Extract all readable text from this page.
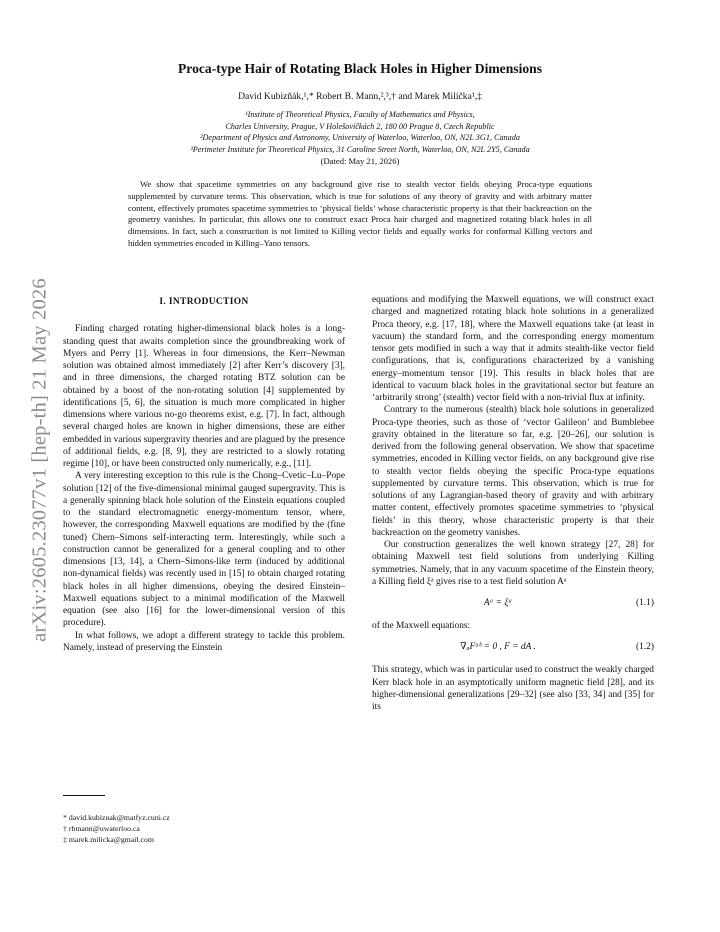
arXiv:2605.23077v1 [hep-th] 21 May 2026
Proca-type Hair of Rotating Black Holes in Higher Dimensions
David Kubizňák,¹,* Robert B. Mann,²,³,† and Marek Milička¹,‡
¹Institute of Theoretical Physics, Faculty of Mathematics and Physics,
Charles University, Prague, V Holešovičkách 2, 180 00 Prague 8, Czech Republic
²Department of Physics and Astronomy, University of Waterloo, Waterloo, ON, N2L 3G1, Canada
³Perimeter Institute for Theoretical Physics, 31 Caroline Street North, Waterloo, ON, N2L 2Y5, Canada
(Dated: May 21, 2026)

We show that spacetime symmetries on any background give rise to stealth vector fields obeying Proca-type equations supplemented by curvature terms. This observation, which is true for solutions of any theory of gravity and with arbitrary matter content, effectively promotes spacetime symmetries to ‘physical fields’ whose characteristic property is that their backreaction on the geometry vanishes. In particular, this allows one to construct exact Proca hair charged and magnetized rotating black holes in all dimensions. In fact, such a construction is not limited to Killing vector fields and equally works for conformal Killing vectors and hidden symmetries encoded in Killing–Yano tensors.

I. INTRODUCTION

Finding charged rotating higher-dimensional black holes is a long-standing quest that awaits completion since the groundbreaking work of Myers and Perry [1]. Whereas in four dimensions, the Kerr–Newman solution was obtained almost immediately [2] after Kerr’s discovery [3], and in three dimensions, the charged rotating BTZ solution can be obtained by a boost of the non-rotating solution [4] supplemented by identifications [5, 6], the situation is much more complicated in higher dimensions where various no-go theorems exist, e.g. [7]. In fact, although several charged holes are known in higher dimensions, these are either embedded in various supergravity theories and are plagued by the presence of additional fields, e.g. [8, 9], they are restricted to a slowly rotating regime [10], or have been constructed only numerically, e.g., [11].

A very interesting exception to this rule is the Chong–Cvetic–Lu–Pope solution [12] of the five-dimensional minimal gauged supergravity. This is a generally spinning black hole solution of the Einstein equations coupled to the standard electromagnetic energy-momentum tensor, where, however, the corresponding Maxwell equations are modified by the (fine tuned) Chern–Simons self-interacting term. Interestingly, while such a construction cannot be generalized for a general coupling and to other dimensions [13, 14], a Chern–Simons-like term (induced by additional non-dynamical fields) was recently used in [15] to obtain charged rotating black holes in all higher dimensions, obeying the desired Einstein–Maxwell equations subject to a minimal modification of the Maxwell equation (see also [16] for the lower-dimensional version of this procedure).

In what follows, we adopt a different strategy to tackle this problem. Namely, instead of preserving the Einstein

equations and modifying the Maxwell equations, we will construct exact charged and magnetized rotating black hole solutions in a generalized Proca theory, e.g. [17, 18], where the Maxwell equations take (at least in vacuum) the standard form, and the corresponding energy momentum tensor gets modified in such a way that it admits stealth-like vector field configurations, that is, configurations characterized by a vanishing energy–momentum tensor [19]. This results in black holes that are identical to vacuum black holes in the gravitational sector but feature an ‘arbitrarily strong’ (stealth) vector field with a non-trivial flux at infinity.

Contrary to the numerous (stealth) black hole solutions in generalized Proca-type theories, such as those of ‘vector Galileon’ and Bumblebee gravity obtained in the literature so far, e.g. [20–26], our solution is derived from the following general observation. We show that spacetime symmetries, encoded in Killing vector fields, on any background give rise to stealth vector fields obeying the specific Proca-type equations supplemented by curvature terms. This observation, which is true for solutions of any Lagrangian-based theory of gravity and with arbitrary matter content, effectively promotes spacetime symmetries to ‘physical fields’ in this theory, whose characteristic property is that their backreaction on the geometry vanishes.

Our construction generalizes the well known strategy [27, 28] for obtaining Maxwell test field solutions from underlying Killing symmetries. Namely, that in any vacuum spacetime of the Einstein theory, a Killing field ξᵃ gives rise to a test field solution Aᵃ

Aᵃ = ξᵃ	(1.1)

of the Maxwell equations:

∇ₐFᵃᵇ = 0 , F = dA .	(1.2)

This strategy, which was in particular used to construct the weakly charged Kerr black hole in an asymptotically uniform magnetic field [28], and its higher-dimensional generalizations [29–32] (see also [33, 34] and [35] for its

* david.kubiznak@matfyz.cuni.cz
† rbmann@uwaterloo.ca
‡ marek.milicka@gmail.com
